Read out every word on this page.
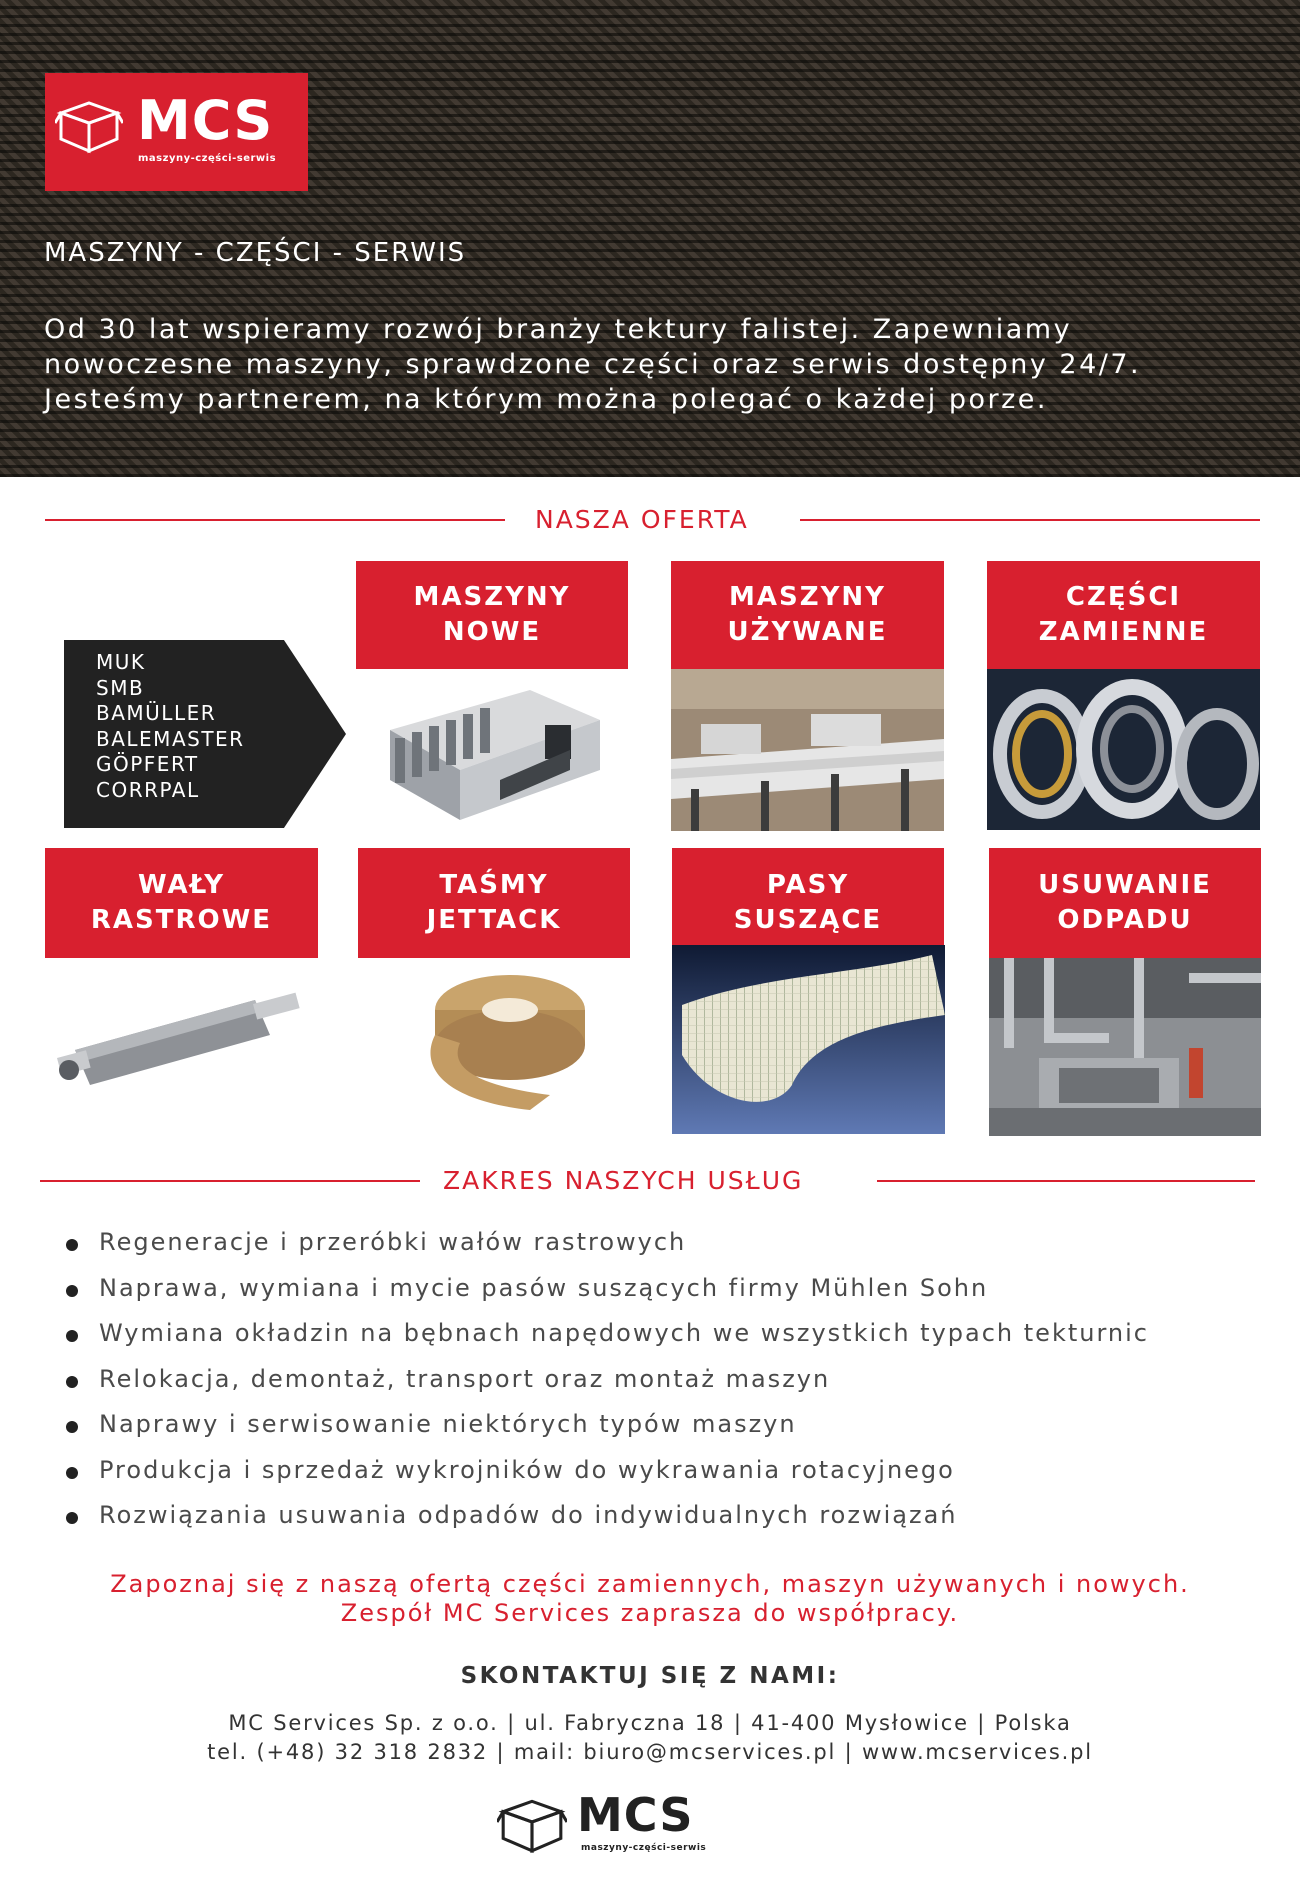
MCS
maszyny-części-serwis
MASZYNY - CZĘŚCI - SERWIS
Od 30 lat wspieramy rozwój branży tektury falistej. Zapewniamy
nowoczesne maszyny, sprawdzone części oraz serwis dostępny 24/7.
Jesteśmy partnerem, na którym można polegać o każdej porze.
NASZA OFERTA
MUK
SMB
BAMÜLLER
BALEMASTER
GÖPFERT
CORRPAL
MASZYNY
NOWE
MASZYNY
UŻYWANE
CZĘŚCI
ZAMIENNE
WAŁY
RASTROWE
TAŚMY
JETTACK
PASY
SUSZĄCE
USUWANIE
ODPADU
ZAKRES NASZYCH USŁUG
Regeneracje i przeróbki wałów rastrowych
Naprawa, wymiana i mycie pasów suszących firmy Mühlen Sohn
Wymiana okładzin na bębnach napędowych we wszystkich typach tekturnic
Relokacja, demontaż, transport oraz montaż maszyn
Naprawy i serwisowanie niektórych typów maszyn
Produkcja i sprzedaż wykrojników do wykrawania rotacyjnego
Rozwiązania usuwania odpadów do indywidualnych rozwiązań
Zapoznaj się z naszą ofertą części zamiennych, maszyn używanych i nowych.
Zespół MC Services zaprasza do współpracy.
SKONTAKTUJ SIĘ Z NAMI:
MC Services Sp. z o.o. | ul. Fabryczna 18 | 41-400 Mysłowice | Polska
tel. (+48) 32 318 2832 | mail: biuro@mcservices.pl | www.mcservices.pl
MCS
maszyny-części-serwis
